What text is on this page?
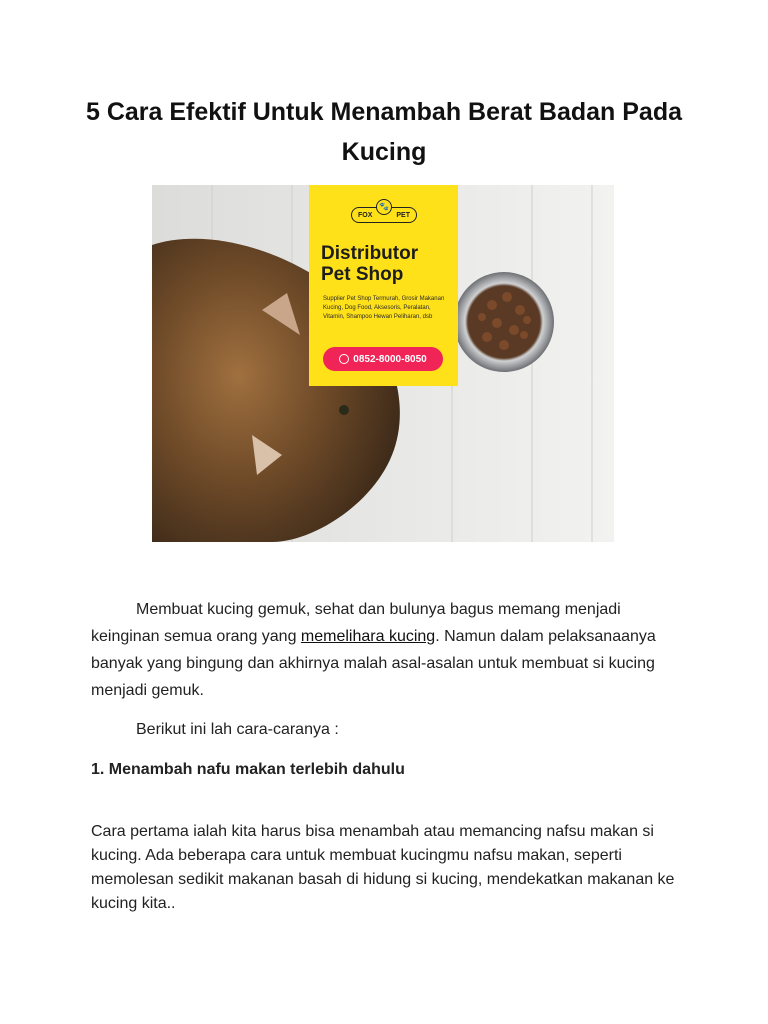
5 Cara Efektif Untuk Menambah Berat Badan Pada Kucing
🐾
FOX	PET
Distributor
Pet Shop
Supplier Pet Shop Termurah, Grosir Makanan Kucing, Dog Food, Aksesoris, Peralatan, Vitamin, Shampoo Hewan Peliharan, dsb
0852-8000-8050
Membuat kucing gemuk, sehat dan bulunya bagus memang menjadi keinginan semua orang yang memelihara kucing. Namun dalam pelaksanaanya banyak yang bingung dan akhirnya malah asal-asalan untuk membuat si kucing menjadi gemuk.
Berikut ini lah cara-caranya :
1. Menambah nafu makan terlebih dahulu
Cara pertama ialah kita harus bisa menambah atau memancing nafsu makan si kucing. Ada beberapa cara untuk membuat kucingmu nafsu makan, seperti memolesan sedikit makanan basah di hidung si kucing, mendekatkan makanan ke kucing kita..
